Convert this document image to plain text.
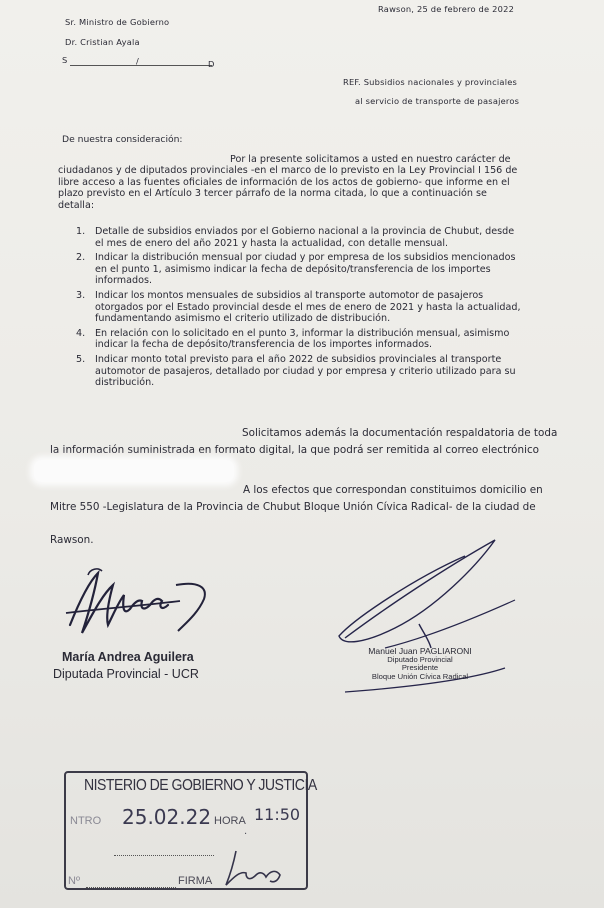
Rawson, 25 de febrero de 2022
Sr. Ministro de Gobierno
Dr. Cristian Ayala
S	/	D
REF. Subsidios nacionales y provinciales
al servicio de transporte de pasajeros
De nuestra consideración:
Por la presente solicitamos a usted en nuestro carácter de
ciudadanos y de diputados provinciales -en el marco de lo previsto en la Ley Provincial I 156 de
libre acceso a las fuentes oficiales de información de los actos de gobierno- que informe en el
plazo previsto en el Artículo 3 tercer párrafo de la norma citada, lo que a continuación se
detalla:
1. Detalle de subsidios enviados por el Gobierno nacional a la provincia de Chubut, desde
el mes de enero del año 2021 y hasta la actualidad, con detalle mensual.
2. Indicar la distribución mensual por ciudad y por empresa de los subsidios mencionados
en el punto 1, asimismo indicar la fecha de depósito/transferencia de los importes
informados.
3. Indicar los montos mensuales de subsidios al transporte automotor de pasajeros
otorgados por el Estado provincial desde el mes de enero de 2021 y hasta la actualidad,
fundamentando asimismo el criterio utilizado de distribución.
4. En relación con lo solicitado en el punto 3, informar la distribución mensual, asimismo
indicar la fecha de depósito/transferencia de los importes informados.
5. Indicar monto total previsto para el año 2022 de subsidios provinciales al transporte
automotor de pasajeros, detallado por ciudad y por empresa y criterio utilizado para su
distribución.
Solicitamos además la documentación respaldatoria de toda
la información suministrada en formato digital, la que podrá ser remitida al correo electrónico
A los efectos que correspondan constituimos domicilio en
Mitre 550 -Legislatura de la Provincia de Chubut Bloque Unión Cívica Radical- de la ciudad de
Rawson.
María Andrea Aguilera
Diputada Provincial - UCR
Manuel Juan PAGLIARONI
Diputado Provincial
Presidente
Bloque Unión Cívica Radical
NISTERIO DE GOBIERNO Y JUSTICIA
NTRO 25.02.22 HORA
.
11:50
Nº	FIRMA
